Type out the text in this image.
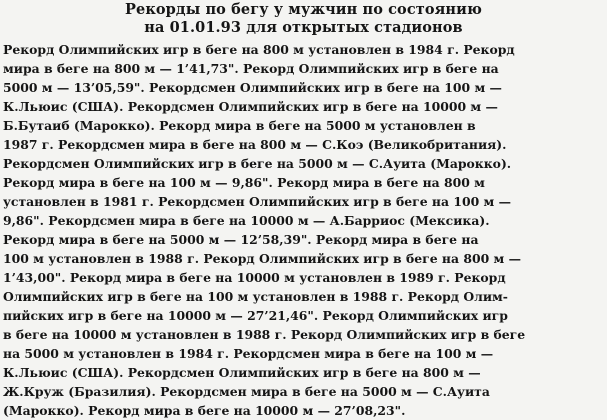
Рекорды по бегу у мужчин по состоянию
на 01.01.93 для открытых стадионов
Рекорд Олимпийских игр в беге на 800 м установлен в 1984 г. Рекорд
мира в беге на 800 м — 1’41,73". Рекорд Олимпийских игр в беге на
5000 м — 13’05,59". Рекордсмен Олимпийских игр в беге на 100 м —
К.Льюис (США). Рекордсмен Олимпийских игр в беге на 10000 м —
Б.Бутаиб (Марокко). Рекорд мира в беге на 5000 м установлен в
1987 г. Рекордсмен мира в беге на 800 м — С.Коэ (Великобритания).
Рекордсмен Олимпийских игр в беге на 5000 м — С.Ауита (Марокко).
Рекорд мира в беге на 100 м — 9,86". Рекорд мира в беге на 800 м
установлен в 1981 г. Рекордсмен Олимпийских игр в беге на 100 м —
9,86". Рекордсмен мира в беге на 10000 м — А.Барриос (Мексика).
Рекорд мира в беге на 5000 м — 12’58,39". Рекорд мира в беге на
100 м установлен в 1988 г. Рекорд Олимпийских игр в беге на 800 м —
1’43,00". Рекорд мира в беге на 10000 м установлен в 1989 г. Рекорд
Олимпийских игр в беге на 100 м установлен в 1988 г. Рекорд Олим-
пийских игр в беге на 10000 м — 27’21,46". Рекорд Олимпийских игр
в беге на 10000 м установлен в 1988 г. Рекорд Олимпийских игр в беге
на 5000 м установлен в 1984 г. Рекордсмен мира в беге на 100 м —
К.Льюис (США). Рекордсмен Олимпийских игр в беге на 800 м —
Ж.Круж (Бразилия). Рекордсмен мира в беге на 5000 м — С.Ауита
(Марокко). Рекорд мира в беге на 10000 м — 27’08,23".
